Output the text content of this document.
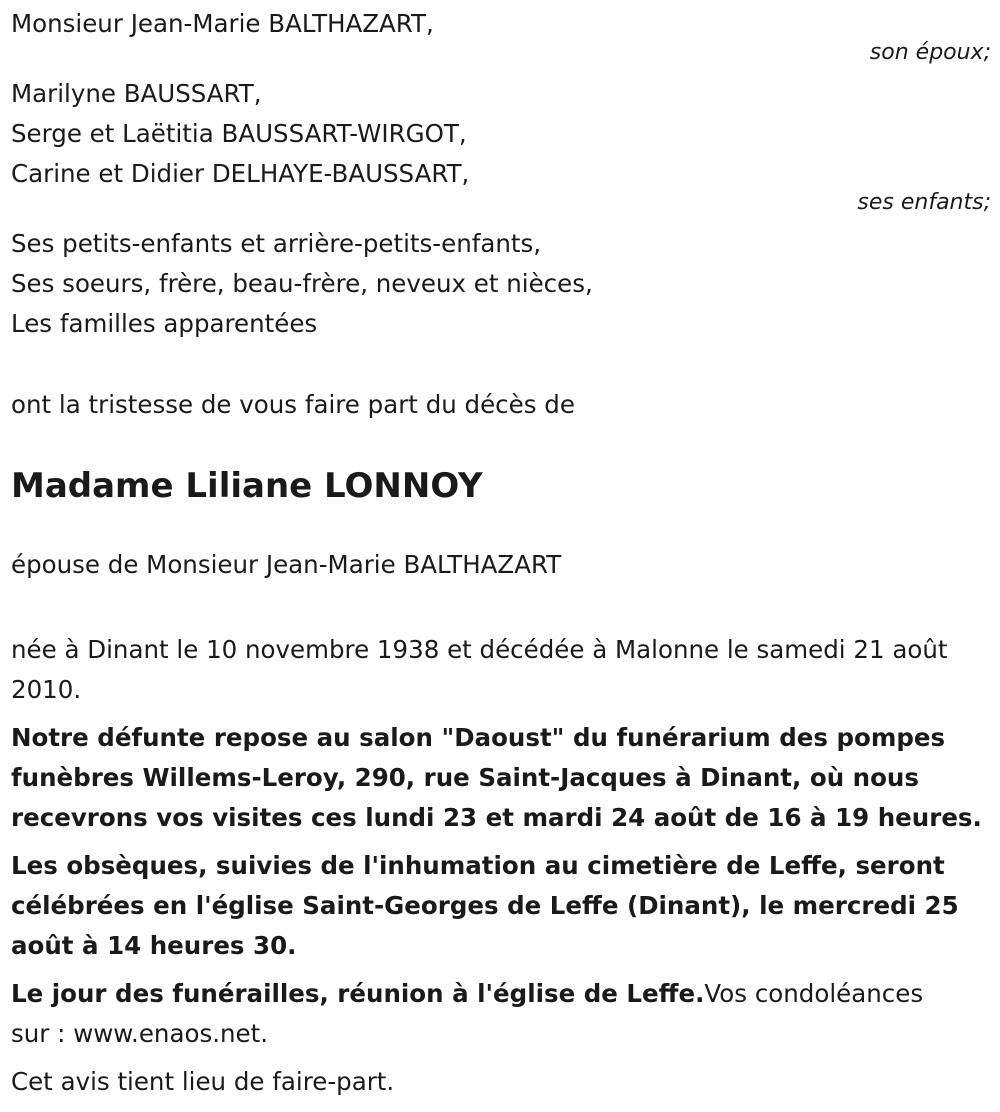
Monsieur Jean-Marie BALTHAZART,
son époux;
Marilyne BAUSSART,
Serge et Laëtitia BAUSSART-WIRGOT,
Carine et Didier DELHAYE-BAUSSART,
ses enfants;
Ses petits-enfants et arrière-petits-enfants,
Ses soeurs, frère, beau-frère, neveux et nièces,
Les familles apparentées
ont la tristesse de vous faire part du décès de
Madame Liliane LONNOY
épouse de Monsieur Jean-Marie BALTHAZART

née à Dinant le 10 novembre 1938 et décédée à Malonne le samedi 21 août 2010.

Notre défunte repose au salon "Daoust" du funérarium des pompes funèbres Willems-Leroy, 290, rue Saint-Jacques à Dinant, où nous recevrons vos visites ces lundi 23 et mardi 24 août de 16 à 19 heures.

Les obsèques, suivies de l'inhumation au cimetière de Leffe, seront célébrées en l'église Saint-Georges de Leffe (Dinant), le mercredi 25 août à 14 heures 30.

Le jour des funérailles, réunion à l'église de Leffe.Vos condoléances sur : www.enaos.net.

Cet avis tient lieu de faire-part.
